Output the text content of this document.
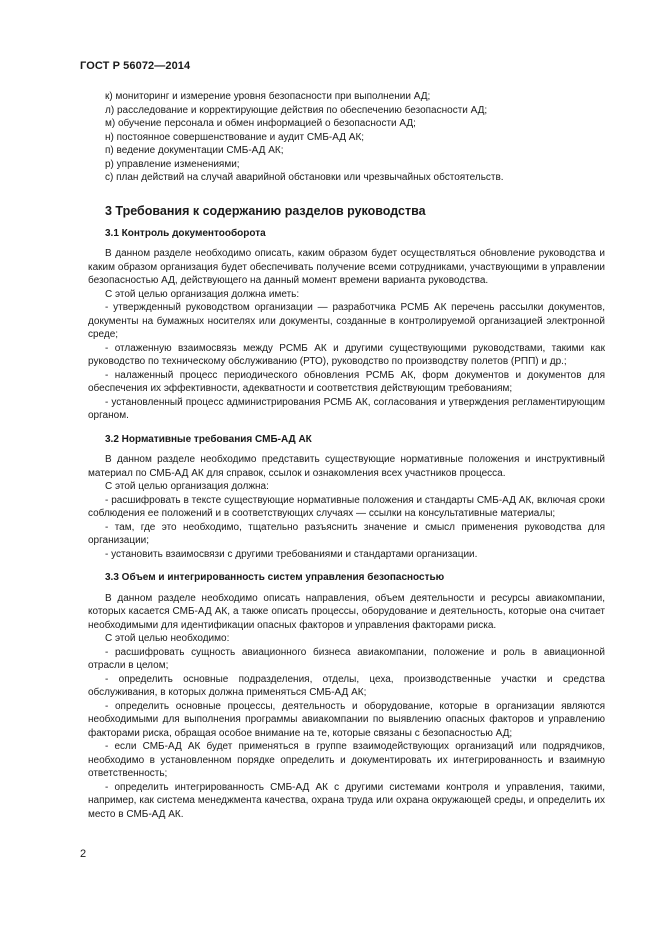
ГОСТ Р 56072—2014

к) мониторинг и измерение уровня безопасности при выполнении АД;

л) расследование и корректирующие действия по обеспечению безопасности АД;

м) обучение персонала и обмен информацией о безопасности АД;

н) постоянное совершенствование и аудит СМБ-АД АК;

п) ведение документации СМБ-АД АК;

р) управление изменениями;

с) план действий на случай аварийной обстановки или чрезвычайных обстоятельств.

3 Требования к содержанию разделов руководства
3.1 Контроль документооборота

В данном разделе необходимо описать, каким образом будет осуществляться обновление руководства и каким образом организация будет обеспечивать получение всеми сотрудниками, участвующими в управлении безопасностью АД, действующего на данный момент времени варианта руководства.

С этой целью организация должна иметь:

- утвержденный руководством организации — разработчика РСМБ АК перечень рассылки документов, документы на бумажных носителях или документы, созданные в контролируемой организацией электронной среде;

- отлаженную взаимосвязь между РСМБ АК и другими существующими руководствами, такими как руководство по техническому обслуживанию (РТО), руководство по производству полетов (РПП) и др.;

- налаженный процесс периодического обновления РСМБ АК, форм документов и документов для обеспечения их эффективности, адекватности и соответствия действующим требованиям;

- установленный процесс администрирования РСМБ АК, согласования и утверждения регламентирующим органом.

3.2 Нормативные требования СМБ-АД АК

В данном разделе необходимо представить существующие нормативные положения и инструктивный материал по СМБ-АД АК для справок, ссылок и ознакомления всех участников процесса.

С этой целью организация должна:

- расшифровать в тексте существующие нормативные положения и стандарты СМБ-АД АК, включая сроки соблюдения ее положений и в соответствующих случаях — ссылки на консультативные материалы;

- там, где это необходимо, тщательно разъяснить значение и смысл применения руководства для организации;

- установить взаимосвязи с другими требованиями и стандартами организации.

3.3 Объем и интегрированность систем управления безопасностью

В данном разделе необходимо описать направления, объем деятельности и ресурсы авиакомпании, которых касается СМБ-АД АК, а также описать процессы, оборудование и деятельность, которые она считает необходимыми для идентификации опасных факторов и управления факторами риска.

С этой целью необходимо:

- расшифровать сущность авиационного бизнеса авиакомпании, положение и роль в авиационной отрасли в целом;

- определить основные подразделения, отделы, цеха, производственные участки и средства обслуживания, в которых должна применяться СМБ-АД АК;

- определить основные процессы, деятельность и оборудование, которые в организации являются необходимыми для выполнения программы авиакомпании по выявлению опасных факторов и управлению факторами риска, обращая особое внимание на те, которые связаны с безопасностью АД;

- если СМБ-АД АК будет применяться в группе взаимодействующих организаций или подрядчиков, необходимо в установленном порядке определить и документировать их интегрированность и взаимную ответственность;

- определить интегрированность СМБ-АД АК с другими системами контроля и управления, такими, например, как система менеджмента качества, охрана труда или охрана окружающей среды, и определить их место в СМБ-АД АК.

2
